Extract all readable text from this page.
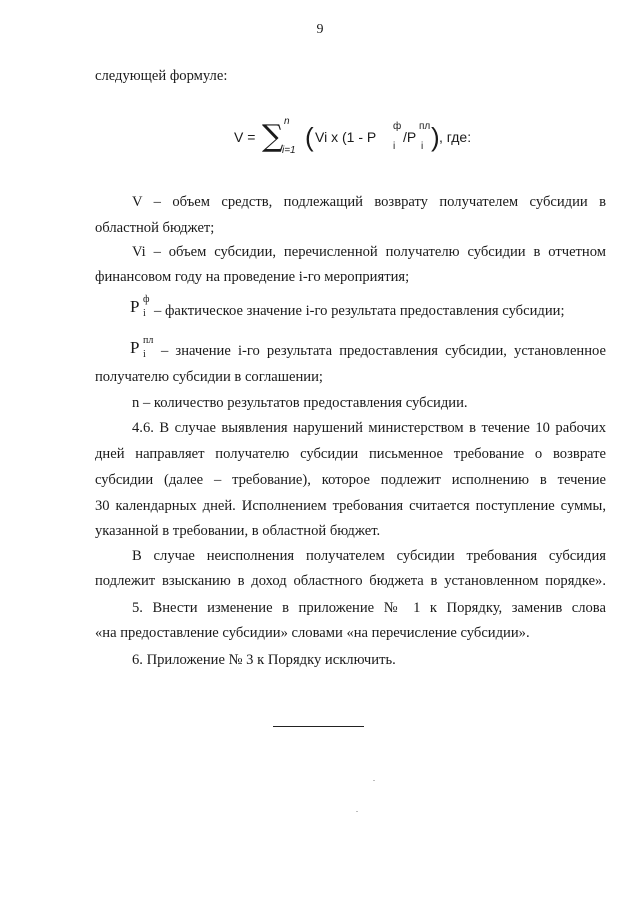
9
следующей формуле:
V = ∑ n
i=1 ( Vi x (1 - P
ф
i
/P
пл
i ) , где:
V – объем средств, подлежащий возврату получателем субсидии в
областной бюджет;
Vi – объем субсидии, перечисленной получателю субсидии в отчетном
финансовом году на проведение i-го мероприятия;
P ф
i – фактическое значение i-го результата предоставления субсидии;
P пл
i – значение i-го результата предоставления субсидии, установленное
получателю субсидии в соглашении;
n – количество результатов предоставления субсидии.
4.6. В случае выявления нарушений министерством в течение 10 рабочих
дней направляет получателю субсидии письменное требование о возврате
субсидии (далее – требование), которое подлежит исполнению в течение
30 календарных дней. Исполнением требования считается поступление суммы,
указанной в требовании, в областной бюджет.
В случае неисполнения получателем субсидии требования субсидия
подлежит взысканию в доход областного бюджета в установленном порядке».
5. Внести изменение в приложение № 1 к Порядку, заменив слова
«на предоставление субсидии» словами «на перечисление субсидии».
6. Приложение № 3 к Порядку исключить.
